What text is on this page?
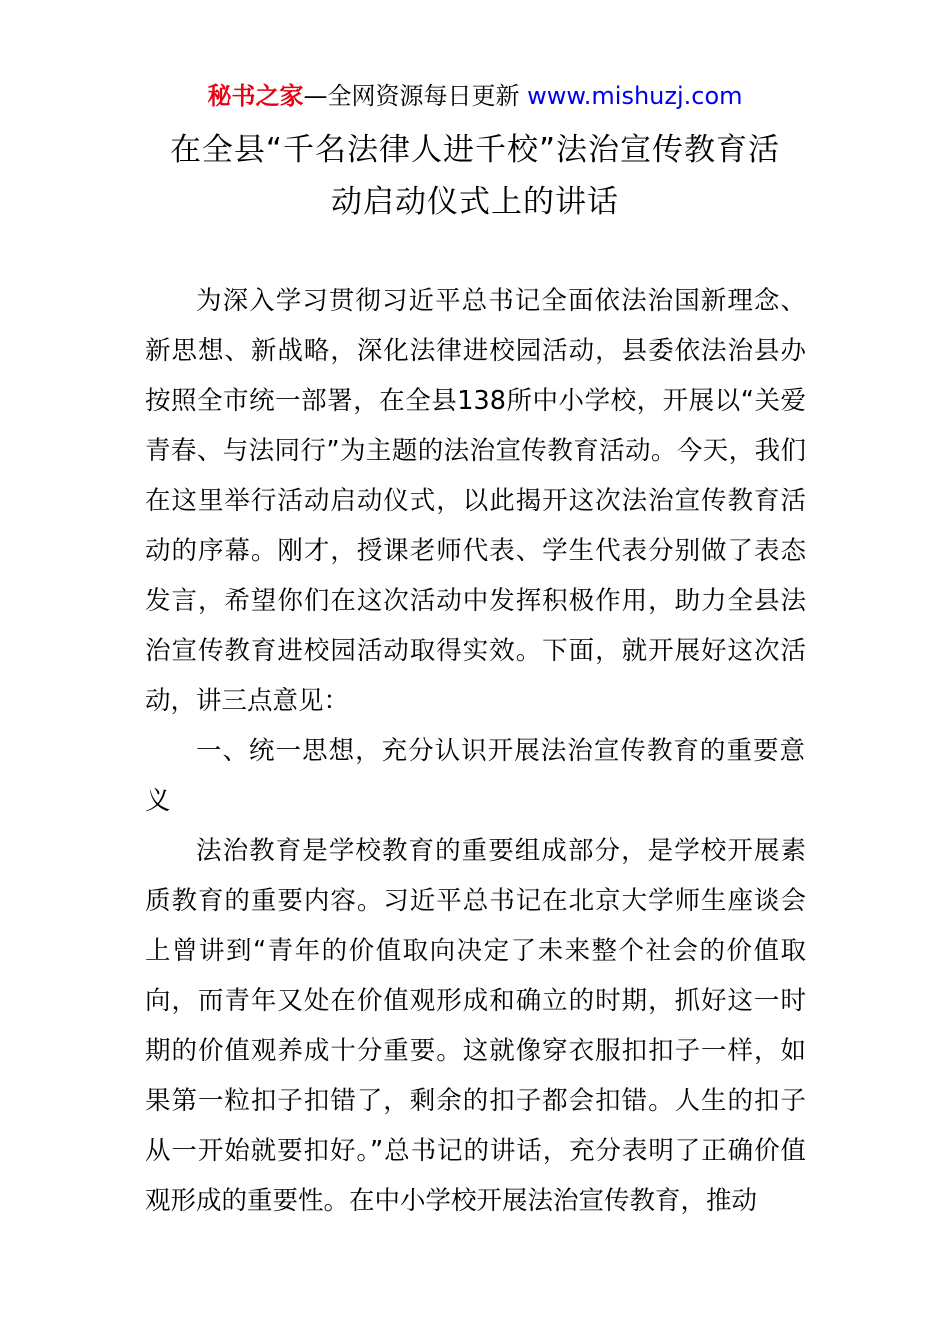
秘书之家—全网资源每日更新 www.mishuzj.com
在全县“千名法律人进千校”法治宣传教育活
动启动仪式上的讲话

为深入学习贯彻习近平总书记全面依法治国新理念、新思想、新战略，深化法律进校园活动，县委依法治县办按照全市统一部署，在全县138所中小学校，开展以“关爱青春、与法同行”为主题的法治宣传教育活动。今天，我们在这里举行活动启动仪式，以此揭开这次法治宣传教育活动的序幕。刚才，授课老师代表、学生代表分别做了表态发言，希望你们在这次活动中发挥积极作用，助力全县法治宣传教育进校园活动取得实效。下面，就开展好这次活动，讲三点意见：

一、统一思想，充分认识开展法治宣传教育的重要意义

法治教育是学校教育的重要组成部分，是学校开展素质教育的重要内容。习近平总书记在北京大学师生座谈会上曾讲到“青年的价值取向决定了未来整个社会的价值取向，而青年又处在价值观形成和确立的时期，抓好这一时期的价值观养成十分重要。这就像穿衣服扣扣子一样，如果第一粒扣子扣错了，剩余的扣子都会扣错。人生的扣子从一开始就要扣好。”总书记的讲话，充分表明了正确价值观形成的重要性。在中小学校开展法治宣传教育，推动
